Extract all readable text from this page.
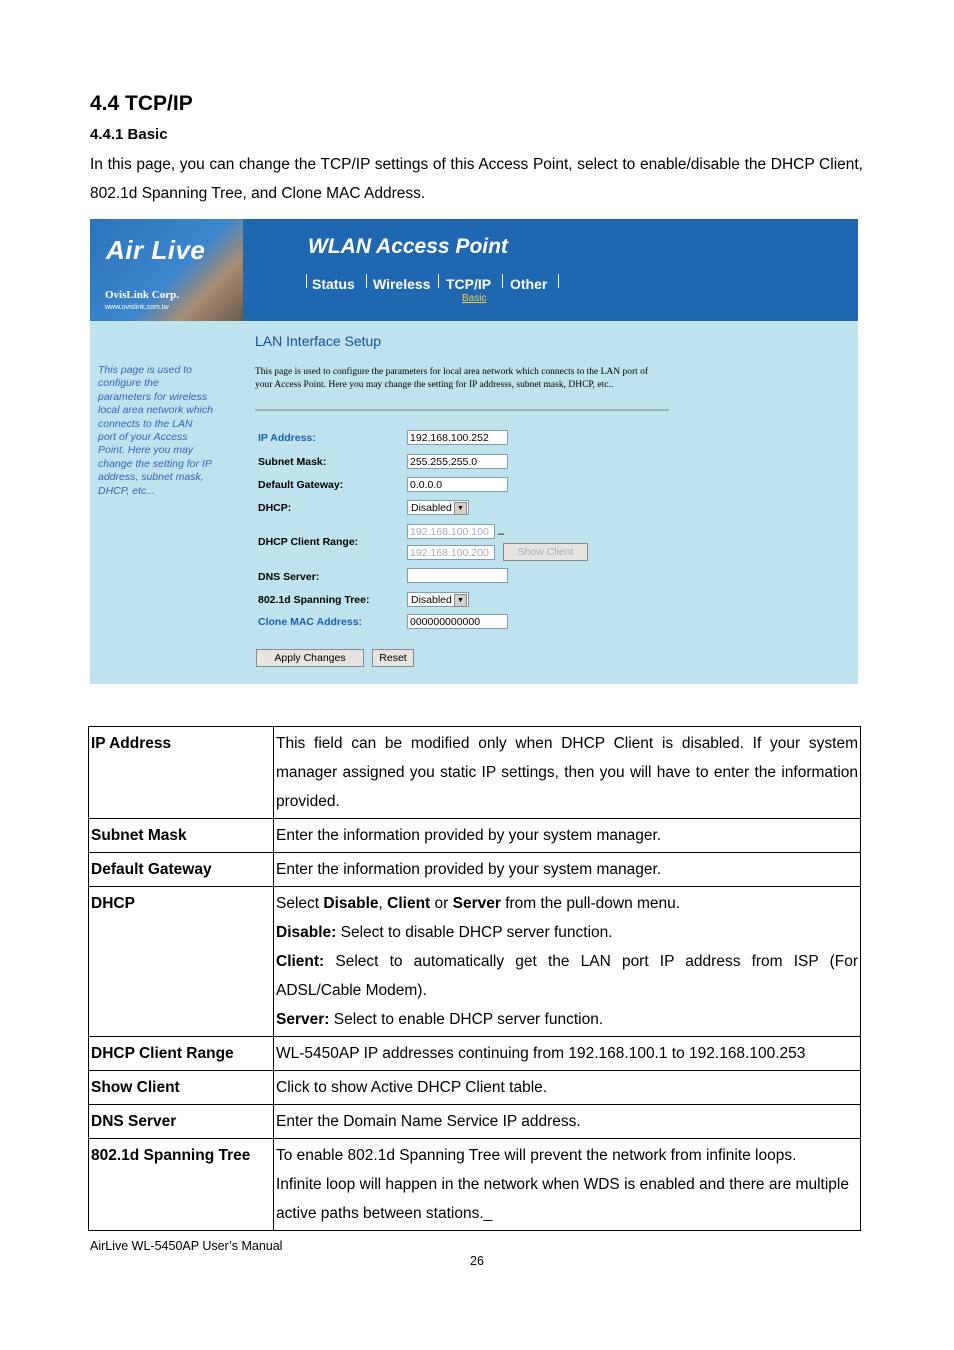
4.4 TCP/IP
4.4.1 Basic
In this page, you can change the TCP/IP settings of this Access Point, select to enable/disable the DHCP Client, 802.1d Spanning Tree, and Clone MAC Address.
Air Live
OvisLink Corp.
www.ovislink.com.tw
WLAN Access Point
Status Wireless TCP/IP Other
Basic
This page is used to configure the parameters for wireless local area network which connects to the LAN port of your Access Point. Here you may change the setting for IP address, subnet mask, DHCP, etc...
LAN Interface Setup
This page is used to configure the parameters for local area network which connects to the LAN port of your Access Point. Here you may change the setting for IP addresss, subnet mask, DHCP, etc..
IP Address:	192.168.100.252
Subnet Mask:	255.255.255.0
Default Gateway:	0.0.0.0
DHCP:	Disabled ▼
DHCP Client Range:
192.168.100.100 –
192.168.100.200	Show Client
DNS Server:
802.1d Spanning Tree:	Disabled ▼
Clone MAC Address:	000000000000
Apply Changes	Reset
IP Address	This field can be modified only when DHCP Client is disabled. If your system manager assigned you static IP settings, then you will have to enter the information provided.
Subnet Mask	Enter the information provided by your system manager.
Default Gateway	Enter the information provided by your system manager.
DHCP	Select Disable, Client or Server from the pull-down menu.

Disable: Select to disable DHCP server function.

Client: Select to automatically get the LAN port IP address from ISP (For ADSL/Cable Modem).

Server: Select to enable DHCP server function.

DHCP Client Range	WL-5450AP IP addresses continuing from 192.168.100.1 to 192.168.100.253
Show Client	Click to show Active DHCP Client table.
DNS Server	Enter the Domain Name Service IP address.
802.1d Spanning Tree	To enable 802.1d Spanning Tree will prevent the network from infinite loops.

Infinite loop will happen in the network when WDS is enabled and there are multiple active paths between stations._

AirLive WL-5450AP User’s Manual
26
